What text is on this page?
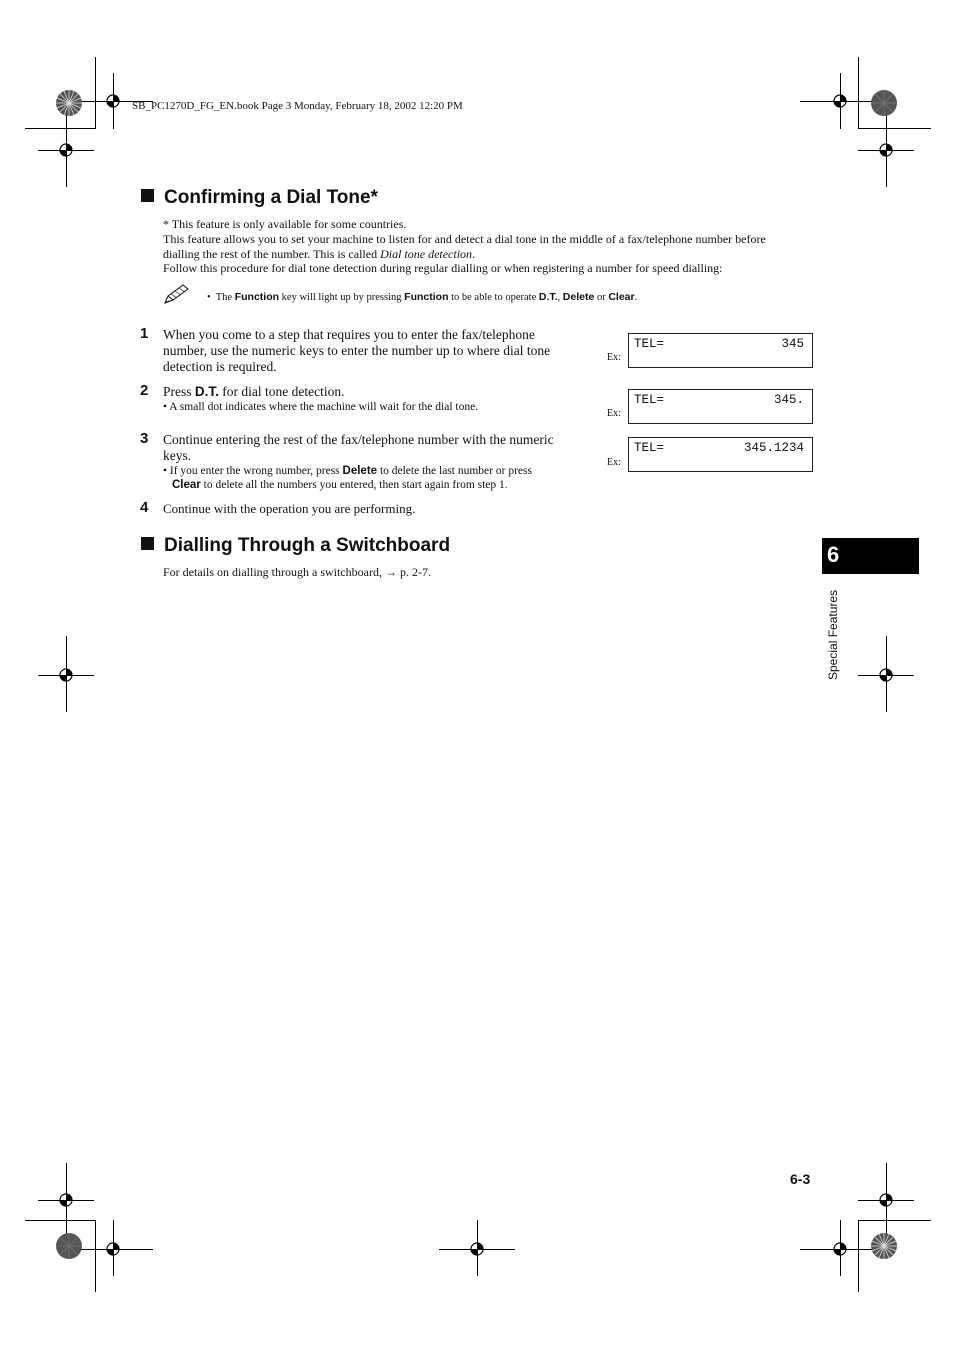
SB_PC1270D_FG_EN.book Page 3 Monday, February 18, 2002 12:20 PM
Confirming a Dial Tone*
* This feature is only available for some countries.
This feature allows you to set your machine to listen for and detect a dial tone in the middle of a fax/telephone number before
dialling the rest of the number. This is called Dial tone detection.
Follow this procedure for dial tone detection during regular dialling or when registering a number for speed dialling:
• The Function key will light up by pressing Function to be able to operate D.T., Delete or Clear.
1 When you come to a step that requires you to enter the fax/telephone
number, use the numeric keys to enter the number up to where dial tone
detection is required.
2 Press D.T. for dial tone detection.
• A small dot indicates where the machine will wait for the dial tone.
3 Continue entering the rest of the fax/telephone number with the numeric
keys.
• If you enter the wrong number, press Delete to delete the last number or press
Clear to delete all the numbers you entered, then start again from step 1.
4 Continue with the operation you are performing.
Ex:
TEL=	345
Ex:
TEL=	345.
Ex:
TEL=	345.1234
Dialling Through a Switchboard
For details on dialling through a switchboard, → p. 2-7.
6
Special Features
6-3
